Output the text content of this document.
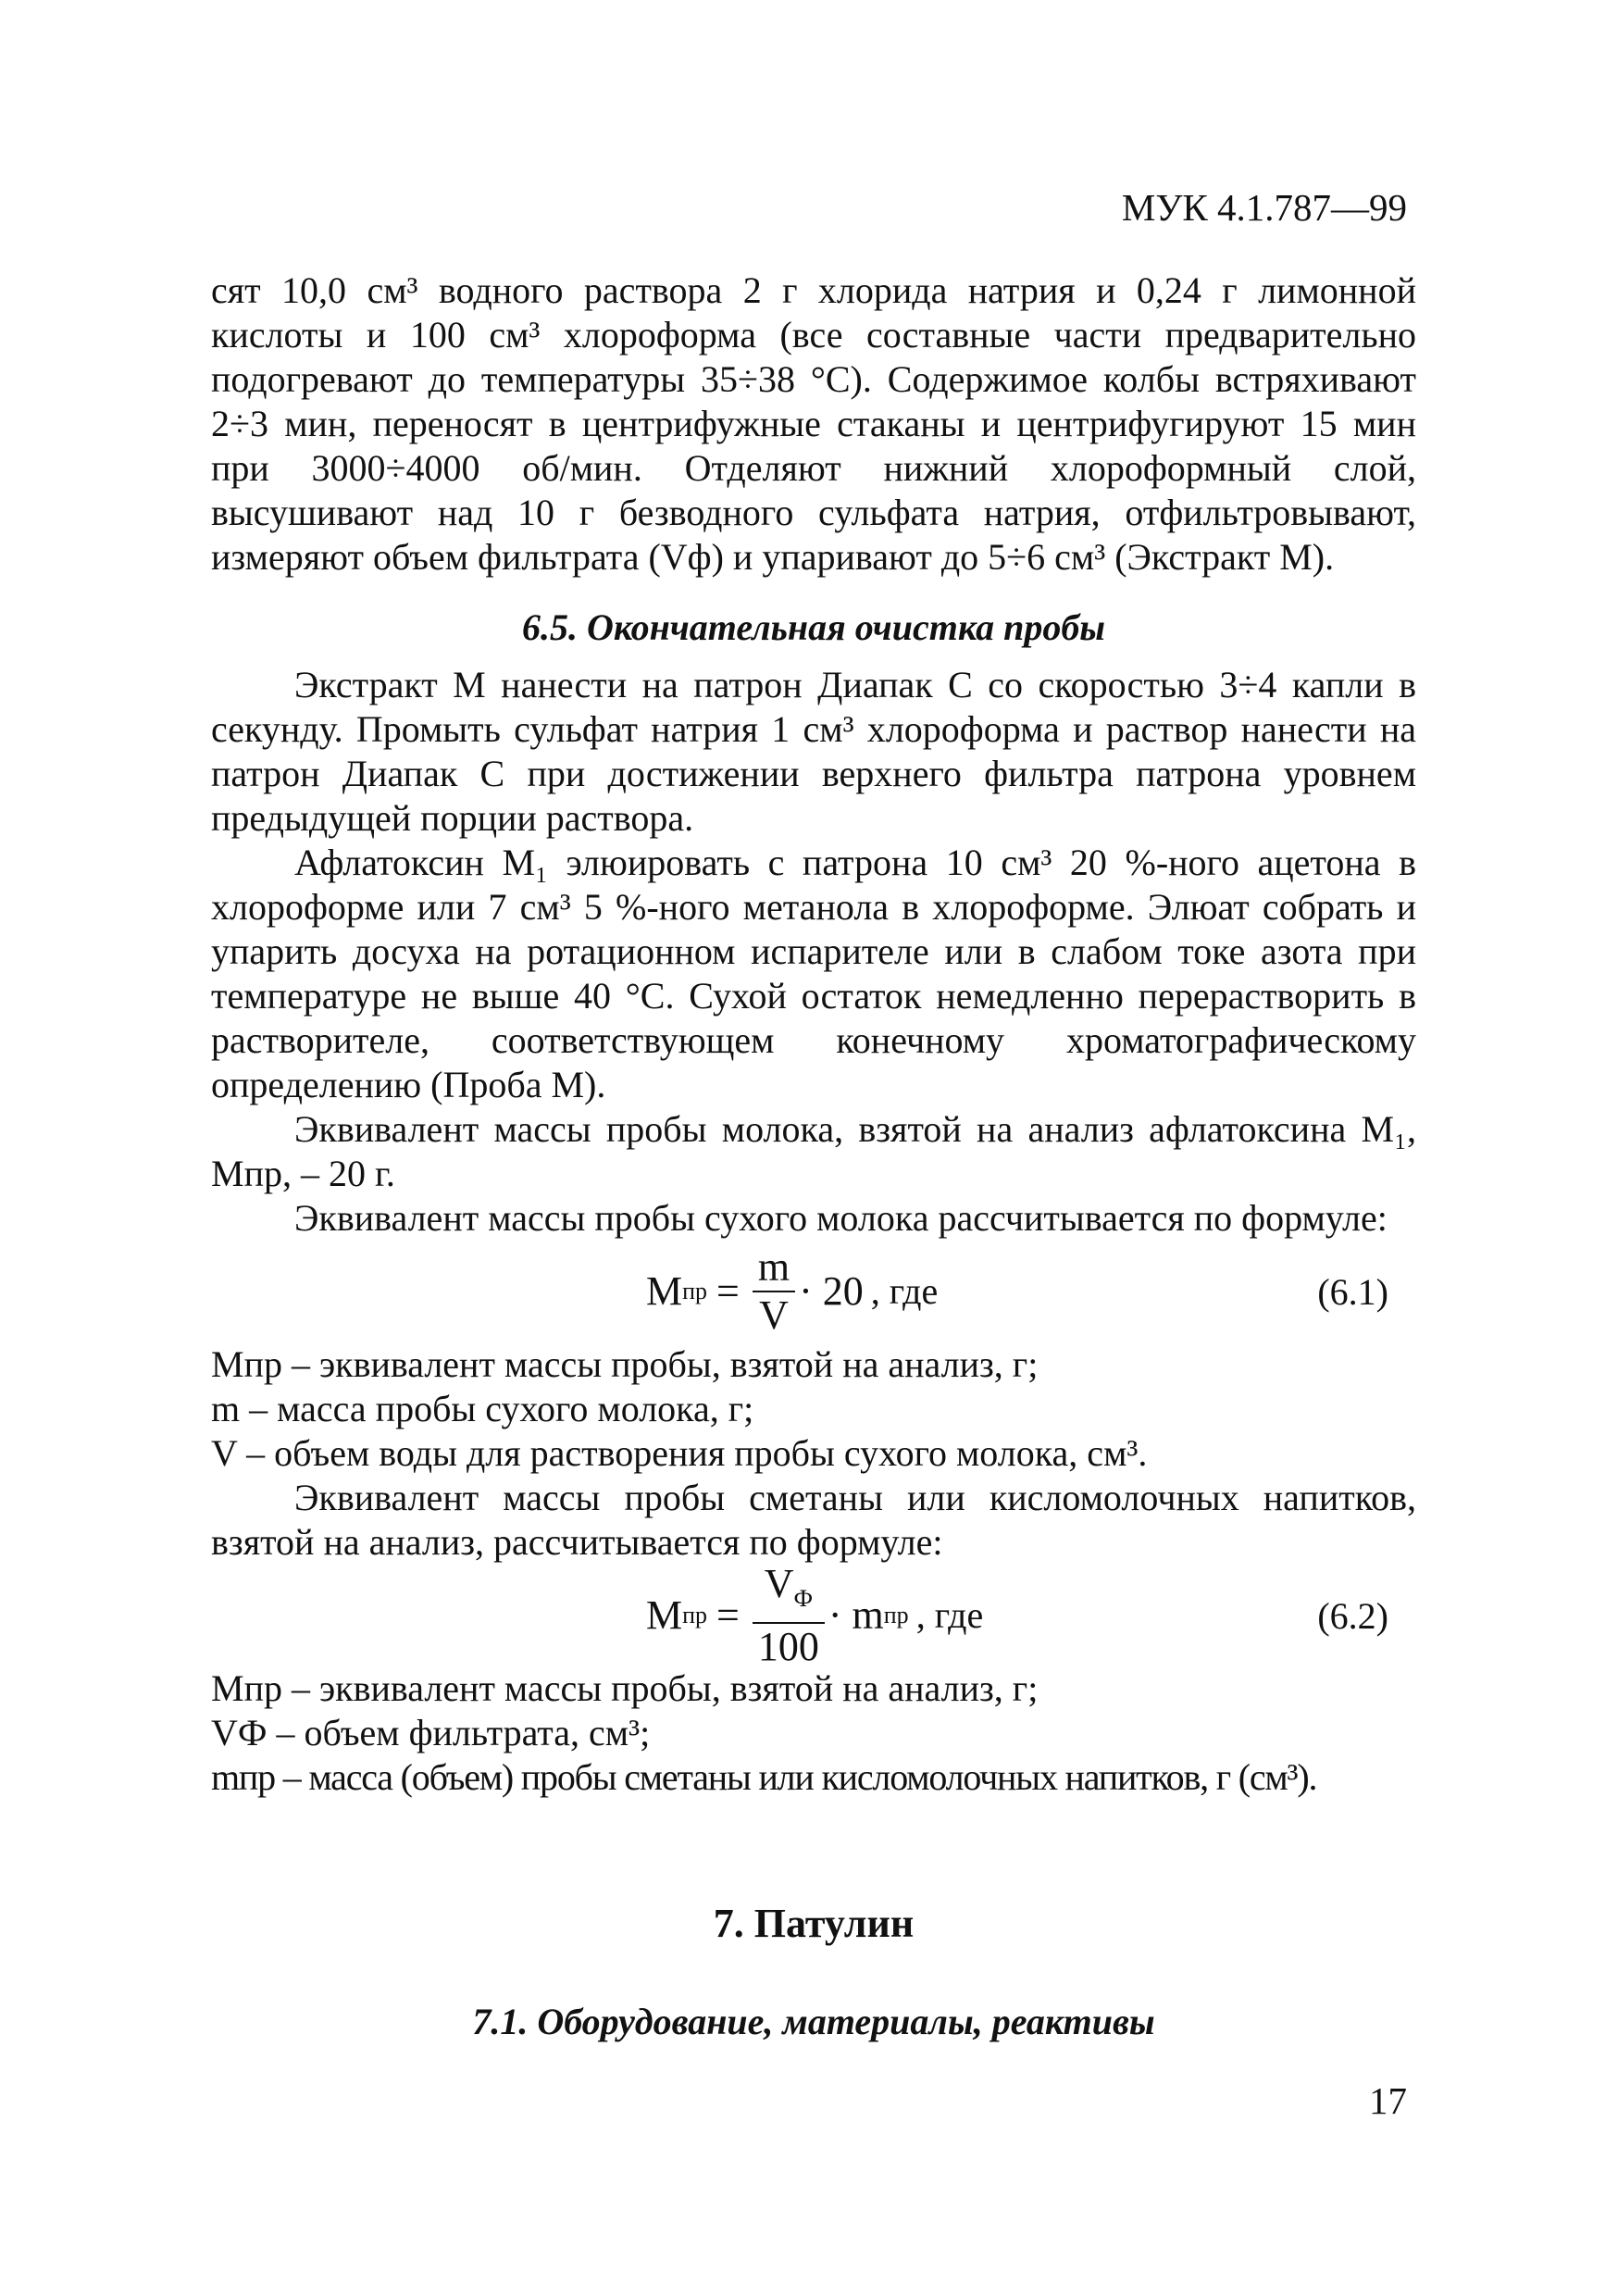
МУК 4.1.787—99

сят 10,0 см³ водного раствора 2 г хлорида натрия и 0,24 г лимонной кислоты и 100 см³ хлороформа (все составные части предварительно подогревают до температуры 35÷38 °С). Содержимое колбы встряхивают 2÷3 мин, переносят в центрифужные стаканы и центрифугируют 15 мин при 3000÷4000 об/мин. Отделяют нижний хлороформный слой, высушивают над 10 г безводного сульфата натрия, отфильтровывают, измеряют объем фильтрата (Vф) и упаривают до 5÷6 см³ (Экстракт М).

6.5. Окончательная очистка пробы

Экстракт М нанести на патрон Диапак С со скоростью 3÷4 капли в секунду. Промыть сульфат натрия 1 см³ хлороформа и раствор нанести на патрон Диапак С при достижении верхнего фильтра патрона уровнем предыдущей порции раствора.

Афлатоксин М₁ элюировать с патрона 10 см³ 20 %-ного ацетона в хлороформе или 7 см³ 5 %-ного метанола в хлороформе. Элюат собрать и упарить досуха на ротационном испарителе или в слабом токе азота при температуре не выше 40 °С. Сухой остаток немедленно перерастворить в растворителе, соответствующем конечному хроматографическому определению (Проба М).

Эквивалент массы пробы молока, взятой на анализ афлатоксина М₁, Мпр, – 20 г.

Эквивалент массы пробы сухого молока рассчитывается по формуле:

М пр = $\frac{m}{V} \cdot 20$ , где	(6.1)
Мпр – эквивалент массы пробы, взятой на анализ, г;
m – масса пробы сухого молока, г;
V – объем воды для растворения пробы сухого молока, см³.

Эквивалент массы пробы сметаны или кисломолочных напитков, взятой на анализ, рассчитывается по формуле:

М пр = $\frac{V_Ф}{100} \cdot m$ пр , где	(6.2)
Мпр – эквивалент массы пробы, взятой на анализ, г;
VФ – объем фильтрата, см³;
mпр – масса (объем) пробы сметаны или кисломолочных напитков, г (см³).
7. Патулин
7.1. Оборудование, материалы, реактивы
17
